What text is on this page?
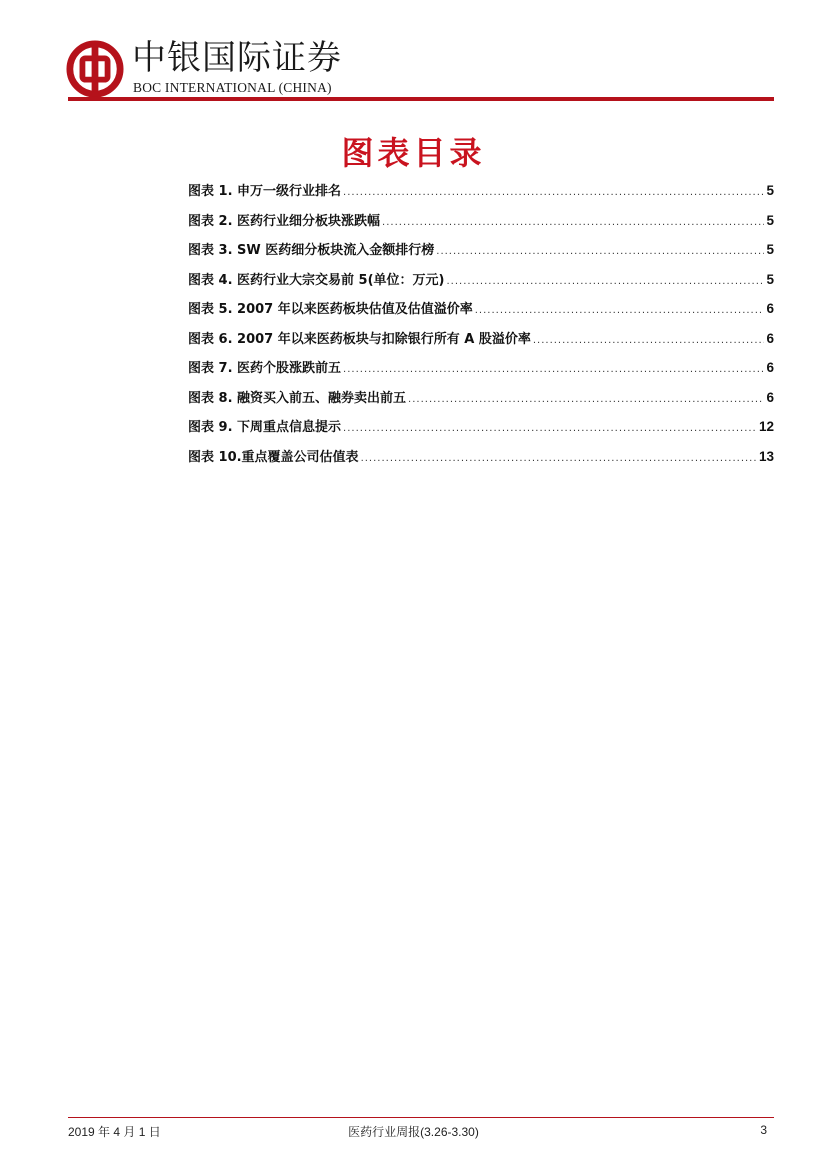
中银国际证券
BOC INTERNATIONAL (CHINA)
图表目录
图表 1. 申万一级行业排名 .....	5
图表 2. 医药行业细分板块涨跌幅 .....	5
图表 3. SW 医药细分板块流入金额排行榜 .....	5
图表 4. 医药行业大宗交易前 5(单位：万元) .....	5
图表 5. 2007 年以来医药板块估值及估值溢价率 .....	6
图表 6. 2007 年以来医药板块与扣除银行所有 A 股溢价率 .....	6
图表 7. 医药个股涨跌前五 .....	6
图表 8. 融资买入前五、融券卖出前五 .....	6
图表 9. 下周重点信息提示 .....	12
图表 10.重点覆盖公司估值表 .....	13
2019 年 4 月 1 日	医药行业周报(3.26-3.30)	3
